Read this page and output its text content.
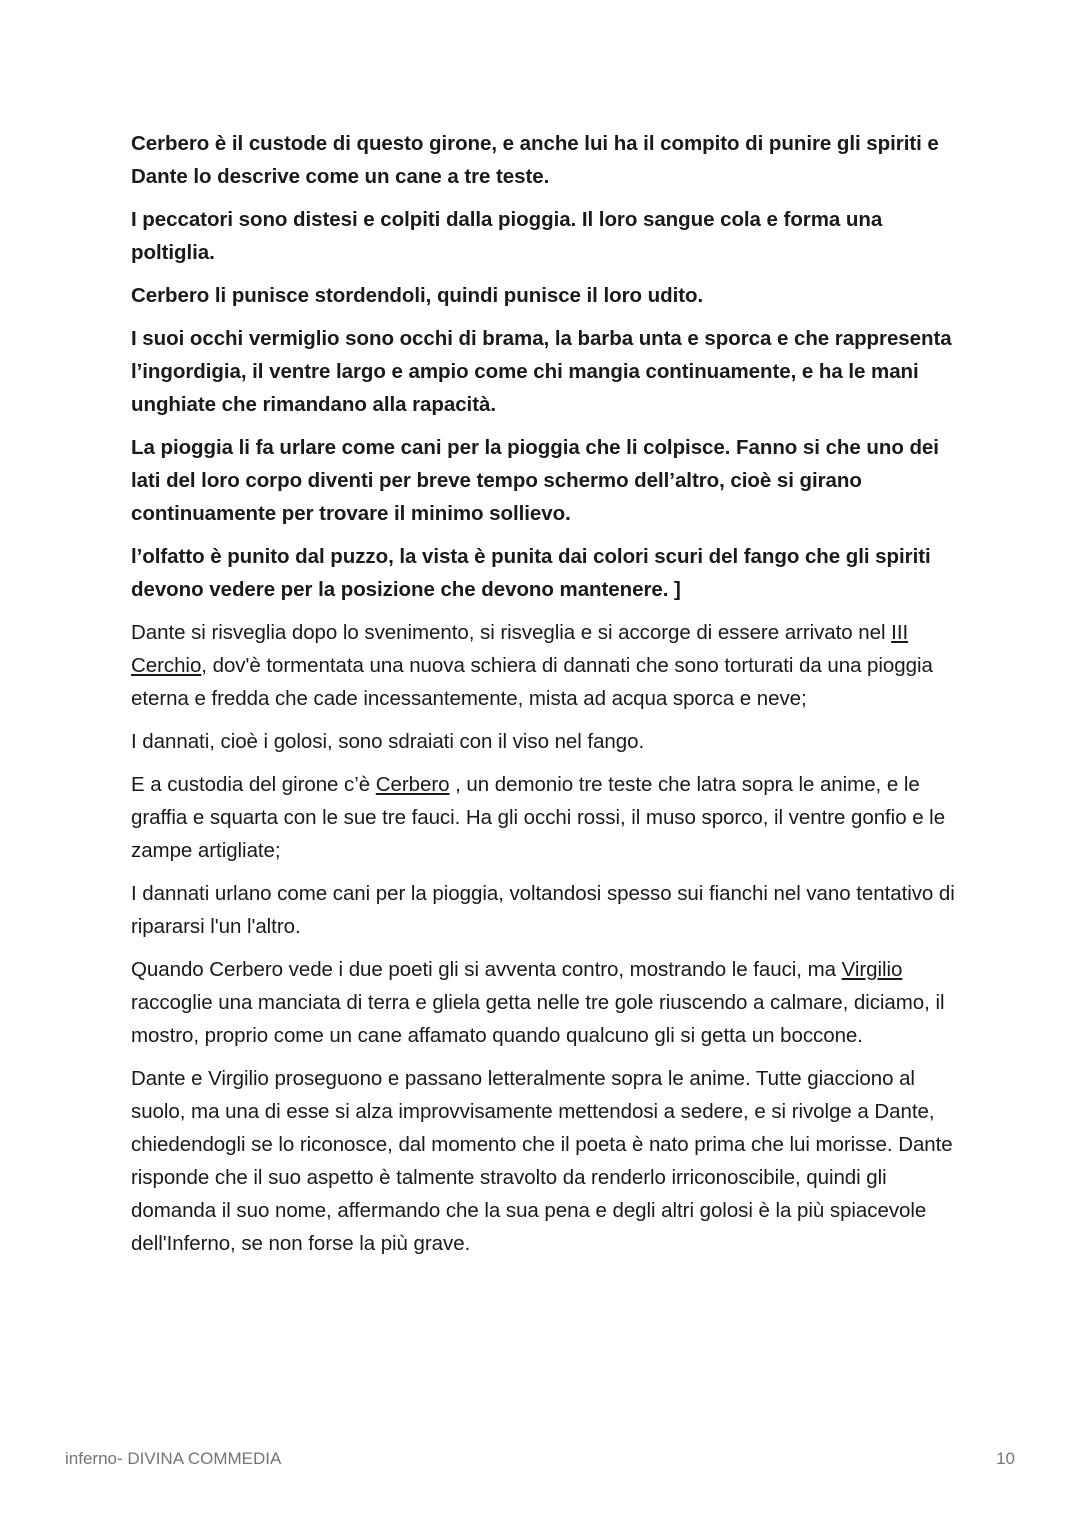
Cerbero è il custode di questo girone, e anche lui ha il compito di punire gli spiriti e Dante lo descrive come un cane a tre teste.

I peccatori sono distesi e colpiti dalla pioggia. Il loro sangue cola e forma una poltiglia.

Cerbero li punisce stordendoli, quindi punisce il loro udito.

I suoi occhi vermiglio sono occhi di brama, la barba unta e sporca e che rappresenta l’ingordigia, il ventre largo e ampio come chi mangia continuamente, e ha le mani unghiate che rimandano alla rapacità.

La pioggia li fa urlare come cani per la pioggia che li colpisce. Fanno si che uno dei lati del loro corpo diventi per breve tempo schermo dell’altro, cioè si girano continuamente per trovare il minimo sollievo.

l’olfatto è punito dal puzzo, la vista è punita dai colori scuri del fango che gli spiriti devono vedere per la posizione che devono mantenere. ]

Dante si risveglia dopo lo svenimento, si risveglia e si accorge di essere arrivato nel III Cerchio, dov'è tormentata una nuova schiera di dannati che sono torturati da una pioggia eterna e fredda che cade incessantemente, mista ad acqua sporca e neve;

I dannati, cioè i golosi, sono sdraiati con il viso nel fango.

E a custodia del girone c’è Cerbero , un demonio tre teste che latra sopra le anime, e le graffia e squarta con le sue tre fauci. Ha gli occhi rossi, il muso sporco, il ventre gonfio e le zampe artigliate;

I dannati urlano come cani per la pioggia, voltandosi spesso sui fianchi nel vano tentativo di ripararsi l'un l'altro.

Quando Cerbero vede i due poeti gli si avventa contro, mostrando le fauci, ma Virgilio raccoglie una manciata di terra e gliela getta nelle tre gole riuscendo a calmare, diciamo, il mostro, proprio come un cane affamato quando qualcuno gli si getta un boccone.

Dante e Virgilio proseguono e passano letteralmente sopra le anime. Tutte giacciono al suolo, ma una di esse si alza improvvisamente mettendosi a sedere, e si rivolge a Dante, chiedendogli se lo riconosce, dal momento che il poeta è nato prima che lui morisse. Dante risponde che il suo aspetto è talmente stravolto da renderlo irriconoscibile, quindi gli domanda il suo nome, affermando che la sua pena e degli altri golosi è la più spiacevole dell'Inferno, se non forse la più grave.

inferno- DIVINA COMMEDIA	10
